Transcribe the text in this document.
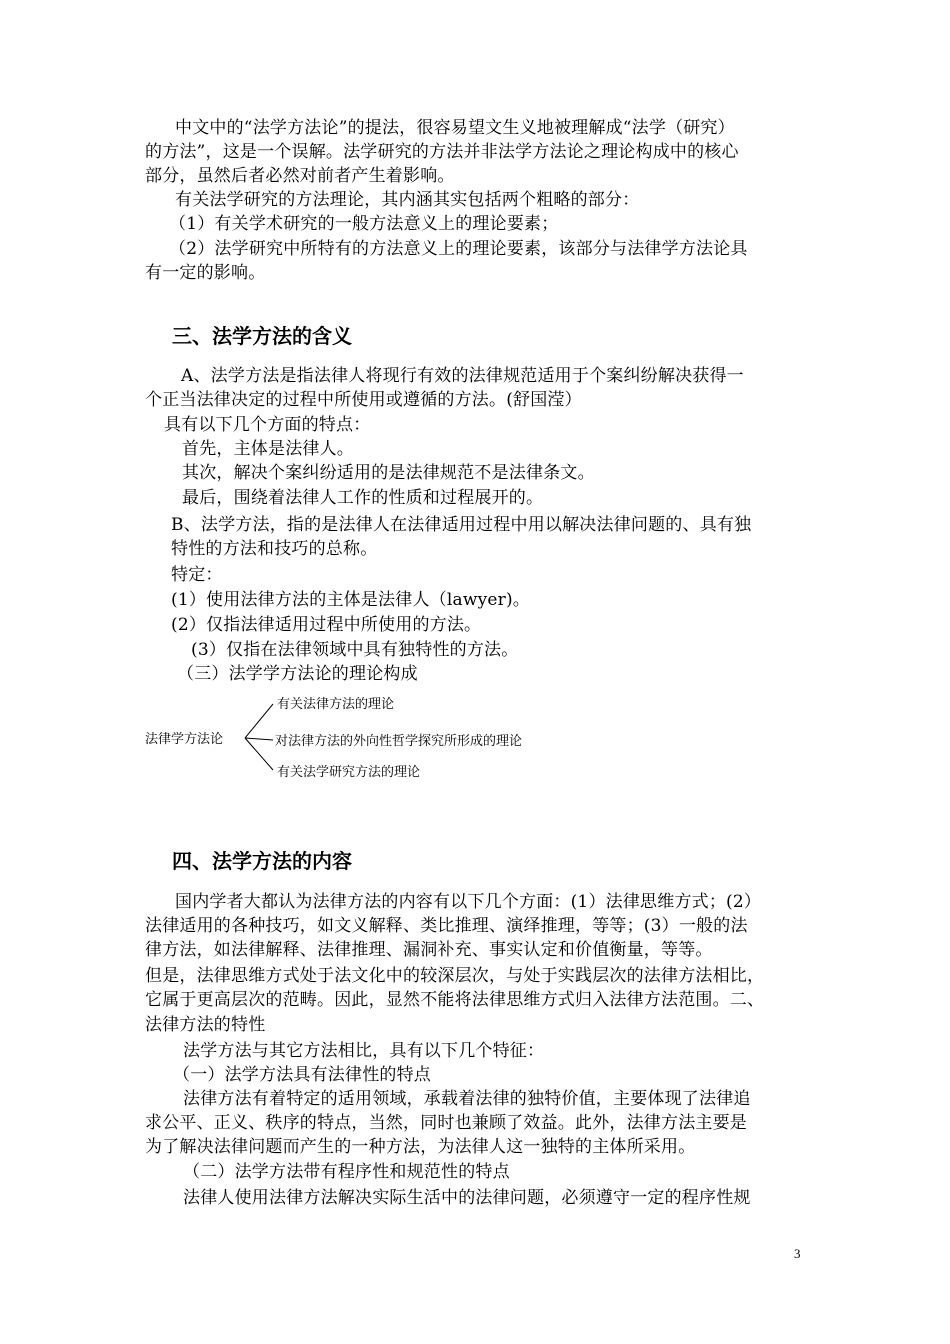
中文中的“法学方法论”的提法，很容易望文生义地被理解成“法学（研究）
的方法”，这是一个误解。法学研究的方法并非法学方法论之理论构成中的核心
部分，虽然后者必然对前者产生着影响。
有关法学研究的方法理论，其内涵其实包括两个粗略的部分：
（1）有关学术研究的一般方法意义上的理论要素；
（2）法学研究中所特有的方法意义上的理论要素，该部分与法律学方法论具
有一定的影响。
A、法学方法是指法律人将现行有效的法律规范适用于个案纠纷解决获得一
个正当法律决定的过程中所使用或遵循的方法。(舒国滢）
具有以下几个方面的特点：
首先，主体是法律人。
其次，解决个案纠纷适用的是法律规范不是法律条文。
最后，围绕着法律人工作的性质和过程展开的。
B、法学方法，指的是法律人在法律适用过程中用以解决法律问题的、具有独
特性的方法和技巧的总称。
特定：
(1）使用法律方法的主体是法律人（lawyer)。
(2）仅指法律适用过程中所使用的方法。
(3）仅指在法律领域中具有独特性的方法。
（三）法学学方法论的理论构成
国内学者大都认为法律方法的内容有以下几个方面：(1）法律思维方式；(2）
法律适用的各种技巧，如文义解释、类比推理、演绎推理，等等；(3）一般的法
律方法，如法律解释、法律推理、漏洞补充、事实认定和价值衡量，等等。
但是，法律思维方式处于法文化中的较深层次，与处于实践层次的法律方法相比，
它属于更高层次的范畴。因此，显然不能将法律思维方式归入法律方法范围。二、
法律方法的特性
法学方法与其它方法相比，具有以下几个特征：
（一）法学方法具有法律性的特点
法律方法有着特定的适用领域，承载着法律的独特价值，主要体现了法律追
求公平、正义、秩序的特点，当然，同时也兼顾了效益。此外，法律方法主要是
为了解决法律问题而产生的一种方法，为法律人这一独特的主体所采用。
（二）法学方法带有程序性和规范性的特点
法律人使用法律方法解决实际生活中的法律问题，必须遵守一定的程序性规
三、法学方法的含义
四、法学方法的内容
法律学方法论
有关法律方法的理论
对法律方法的外向性哲学探究所形成的理论
有关法学研究方法的理论
3
